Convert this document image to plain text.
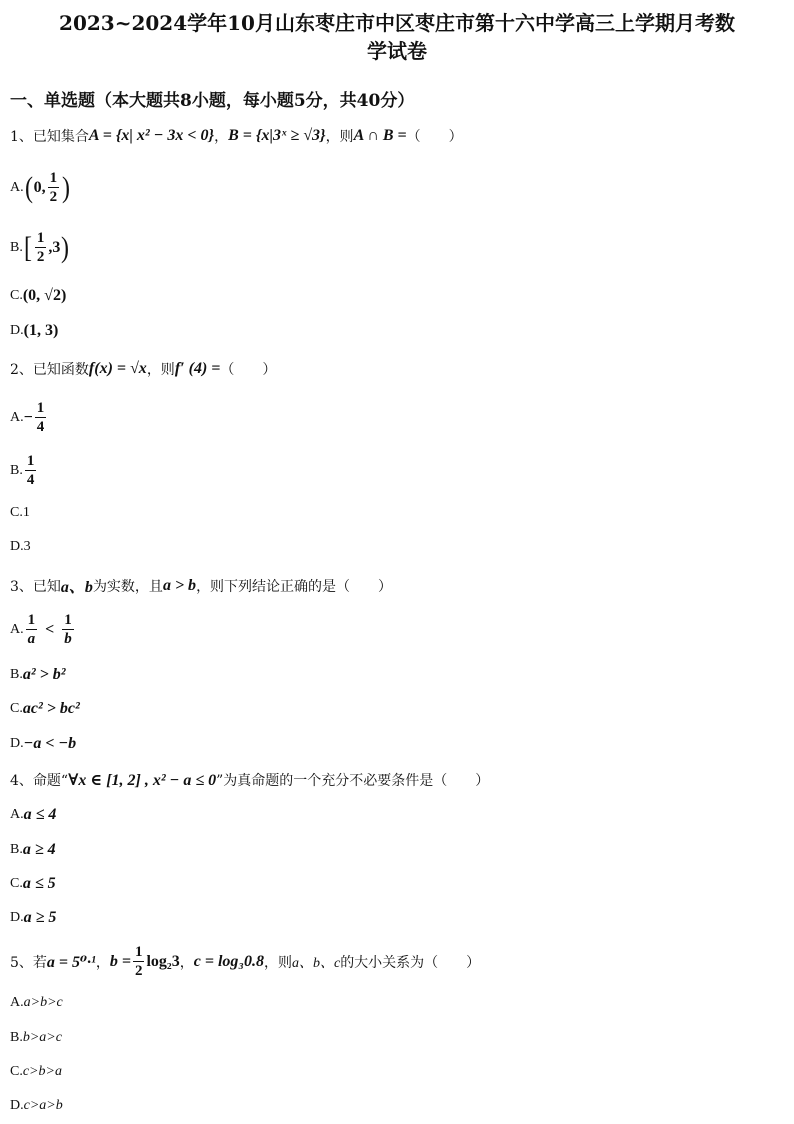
2023~2024学年10月山东枣庄市中区枣庄市第十六中学高三上学期月考数
学试卷
一、单选题（本大题共8小题，每小题5分，共40分）
1、 已知集合 A = {x| x² − 3x < 0} ， B = {x|3ˣ ≥ √3} ，则 A ∩ B = （　　）
A. ( 0, $\frac{1}{2}$ )
B. [ $\frac{1}{2} ,3$ )
C. (0, √2)
D. (1, 3)
2、 已知函数 f(x) = √x ，则 f′ (4) = （　　）
A. − $\frac{1}{4}$
B. $\frac{1}{4}$
C. 1
D. 3
3、 已知 a、b 为实数，且 a > b ，则下列结论正确的是（　　）
A. $\frac{1}{a} < \frac{1}{b}$
B. a² > b²
C. ac² > bc²
D. −a < −b
4、 命题“ ∀x ∈ [1, 2] , x² − a ≤ 0 ”为真命题的一个充分不必要条件是（　　）
A. a ≤ 4
B. a ≥ 4
C. a ≤ 5
D. a ≥ 5
5、 若 a = 5⁰·¹ ， $b = \frac{1}{2} \log_23$ ， c = log₃0.8 ，则 a、b、c 的大小关系为（　　）
A. a>b>c
B. b>a>c
C. c>b>a
D. c>a>b
